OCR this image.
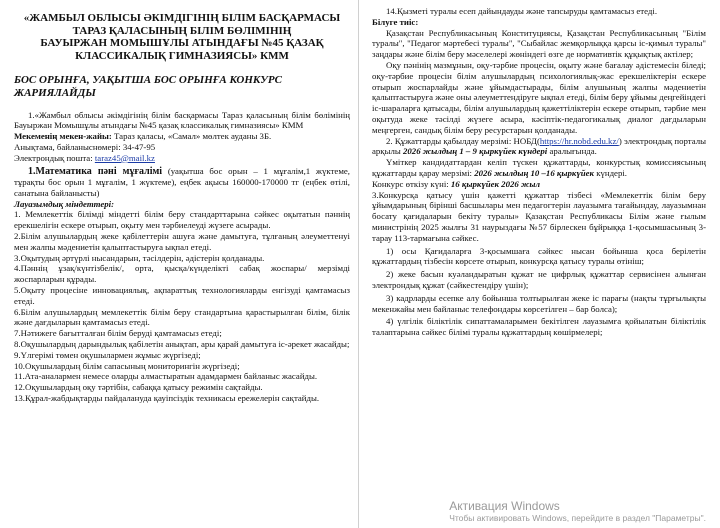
«ЖАМБЫЛ ОБЛЫСЫ ӘКІМДІГІНІҢ БІЛІМ БАСҚАРМАСЫ
ТАРАЗ ҚАЛАСЫНЫҢ БІЛІМ БӨЛІМІНІҢ
БАУЫРЖАН МОМЫШҰЛЫ АТЫНДАҒЫ №45 ҚАЗАҚ
КЛАССИКАЛЫҚ ГИМНАЗИЯСЫ» КММ
БОС ОРЫНҒА, УАҚЫТША БОС ОРЫНҒА КОНКУРС ЖАРИЯЛАЙДЫ

1.«Жамбыл облысы әкімдігінің білім басқармасы Тараз қаласының білім бөлімінің Бауыржан Момышұлы атындағы №45 қазақ классикалық гимназиясы» КММ

Мекеменің мекен-жайы: Тараз қаласы, «Самал» мөлтек ауданы 3Б.

Анықтама, байланыснөмері: 34-47-95

Электрондық пошта: taraz45@mail.kz

1.Математика пәні мұғалімі (уақытша бос орын – 1 мұғалім,1 жүктеме, тұрақты бос орын 1 мұғалім, 1 жүктеме), еңбек ақысы 160000-170000 тг (еңбек өтілі, санатына байланысты)

Лауазымдық міндеттері:

1. Мемлекеттік білімді міндетті білім беру стандарттарына сәйкес оқытатын пәннің ерекшелігін ескере отырып, оқыту мен тәрбиелеуді жүзеге асырады.

2.Білім алушылардың жеке қабілеттерін ашуға және дамытуға, тұлғаның әлеуметтенуі мен жалпы мәдениетін қалыптастыруға ықпал етеді.

3.Оқытудың әртүрлі нысандарын, тәсілдерін, әдістерін қолданады.

4.Пәннің ұзақ/күнтізбелік/, орта, қысқа/күнделікті сабақ жоспары/ мерзімді жоспарларын құрады.

5.Оқыту процесіне инновациялық, ақпараттық технологияларды енгізуді қамтамасыз етеді.

6.Білім алушылардың мемлекеттік білім беру стандартына қарастырылған білім, білік және дағдыларын қамтамасыз етеді.

7.Нәтижеге бағытталған білім беруді қамтамасыз етеді;

8.Оқушылардың дарындылық қабілетін анықтап, ары қарай дамытуға іс-әрекет жасайды;

9.Үлгерімі төмен оқушылармен жұмыс жүргізеді;

10.Оқушылардың білім сапасының мониторингін жүргізеді;

11.Ата-аналармен немесе оларды алмастыратын адамдармен байланыс жасайды.

12.Оқушылардың оқу тәртібін, сабаққа қатысу режимін сақтайды.

13.Құрал-жабдықтарды пайдалануда қауіпсіздік техникасы ережелерін сақтайды.

14.Қызметі туралы есеп дайындауды және тапсыруды қамтамасыз етеді.

Білуге тиіс:

Қазақстан Республикасының Конституциясы, Қазақстан Республикасының "Білім туралы", "Педагог мәртебесі туралы", "Сыбайлас жемқорлыққа қарсы іс-қимыл туралы" заңдары және білім беру мәселелері жөніндегі өзге де нормативтік құқықтық актілер;

Оқу пәнінің мазмұнын, оқу-тәрбие процесін, оқыту және бағалау әдістемесін біледі; оқу-тәрбие процесін білім алушылардың психологиялық-жас ерекшеліктерін ескере отырып жоспарлайды және ұйымдастырады, білім алушының жалпы мәдениетін қалыптастыруға және оны әлеуметтендіруге ықпал етеді, білім беру ұйымы деңгейіндегі іс-шараларға қатысады, білім алушылардың қажеттіліктерін ескере отырып, тәрбие мен оқытуда жеке тәсілді жүзеге асыра, кәсіптік-педагогикалық диалог дағдыларын меңгерген, сандық білім беру ресурстарын қолданады.

2. Құжаттарды қабылдау мерзімі: НОБД(https://hr.nobd.edu.kz/) электрондық порталы арқылы 2026 жылдың 1 – 9 қыркүйек күндері аралығында.

Үміткер кандидаттардан келіп түскен құжаттарды, конкурстық комиссиясының құжаттарды қарау мерзімі: 2026 жылдың 10 –16 қыркүйек күндері.

Конкурс өткізу күні: 16 қыркүйек 2026 жыл

3.Конкурсқа қатысу үшін қажетті құжаттар тізбесі «Мемлекеттік білім беру ұйымдарының бірінші басшылары мен педагогтерін лауазымға тағайындау, лауазымнан босату қағидаларын бекіту туралы» Қазақстан Республикасы Білім және ғылым министрінің 2025 жылғы 31 наурыздағы №57 бірлескен бұйрыққа 1-қосымшасының 3-тарау 113-тармағына сәйкес.

1) осы Қағидаларға 3-қосымшаға сәйкес нысан бойынша қоса берілетін құжаттардың тізбесін көрсете отырып, конкурсқа қатысу туралы өтініш;

2) жеке басын куәландыратын құжат не цифрлық құжаттар сервисінен алынған электрондық құжат (сәйкестендіру үшін);

3) кадрларды есепке алу бойынша толтырылған жеке іс парағы (нақты тұрғылықты мекенжайы мен байланыс телефондары көрсетілген – бар болса);

4) үлгілік біліктілік сипаттамаларымен бекітілген лауазымға қойылатын біліктілік талаптарына сәйкес білімі туралы құжаттардың көшірмелері;

Активация Windows
Чтобы активировать Windows, перейдите в раздел "Параметры".
